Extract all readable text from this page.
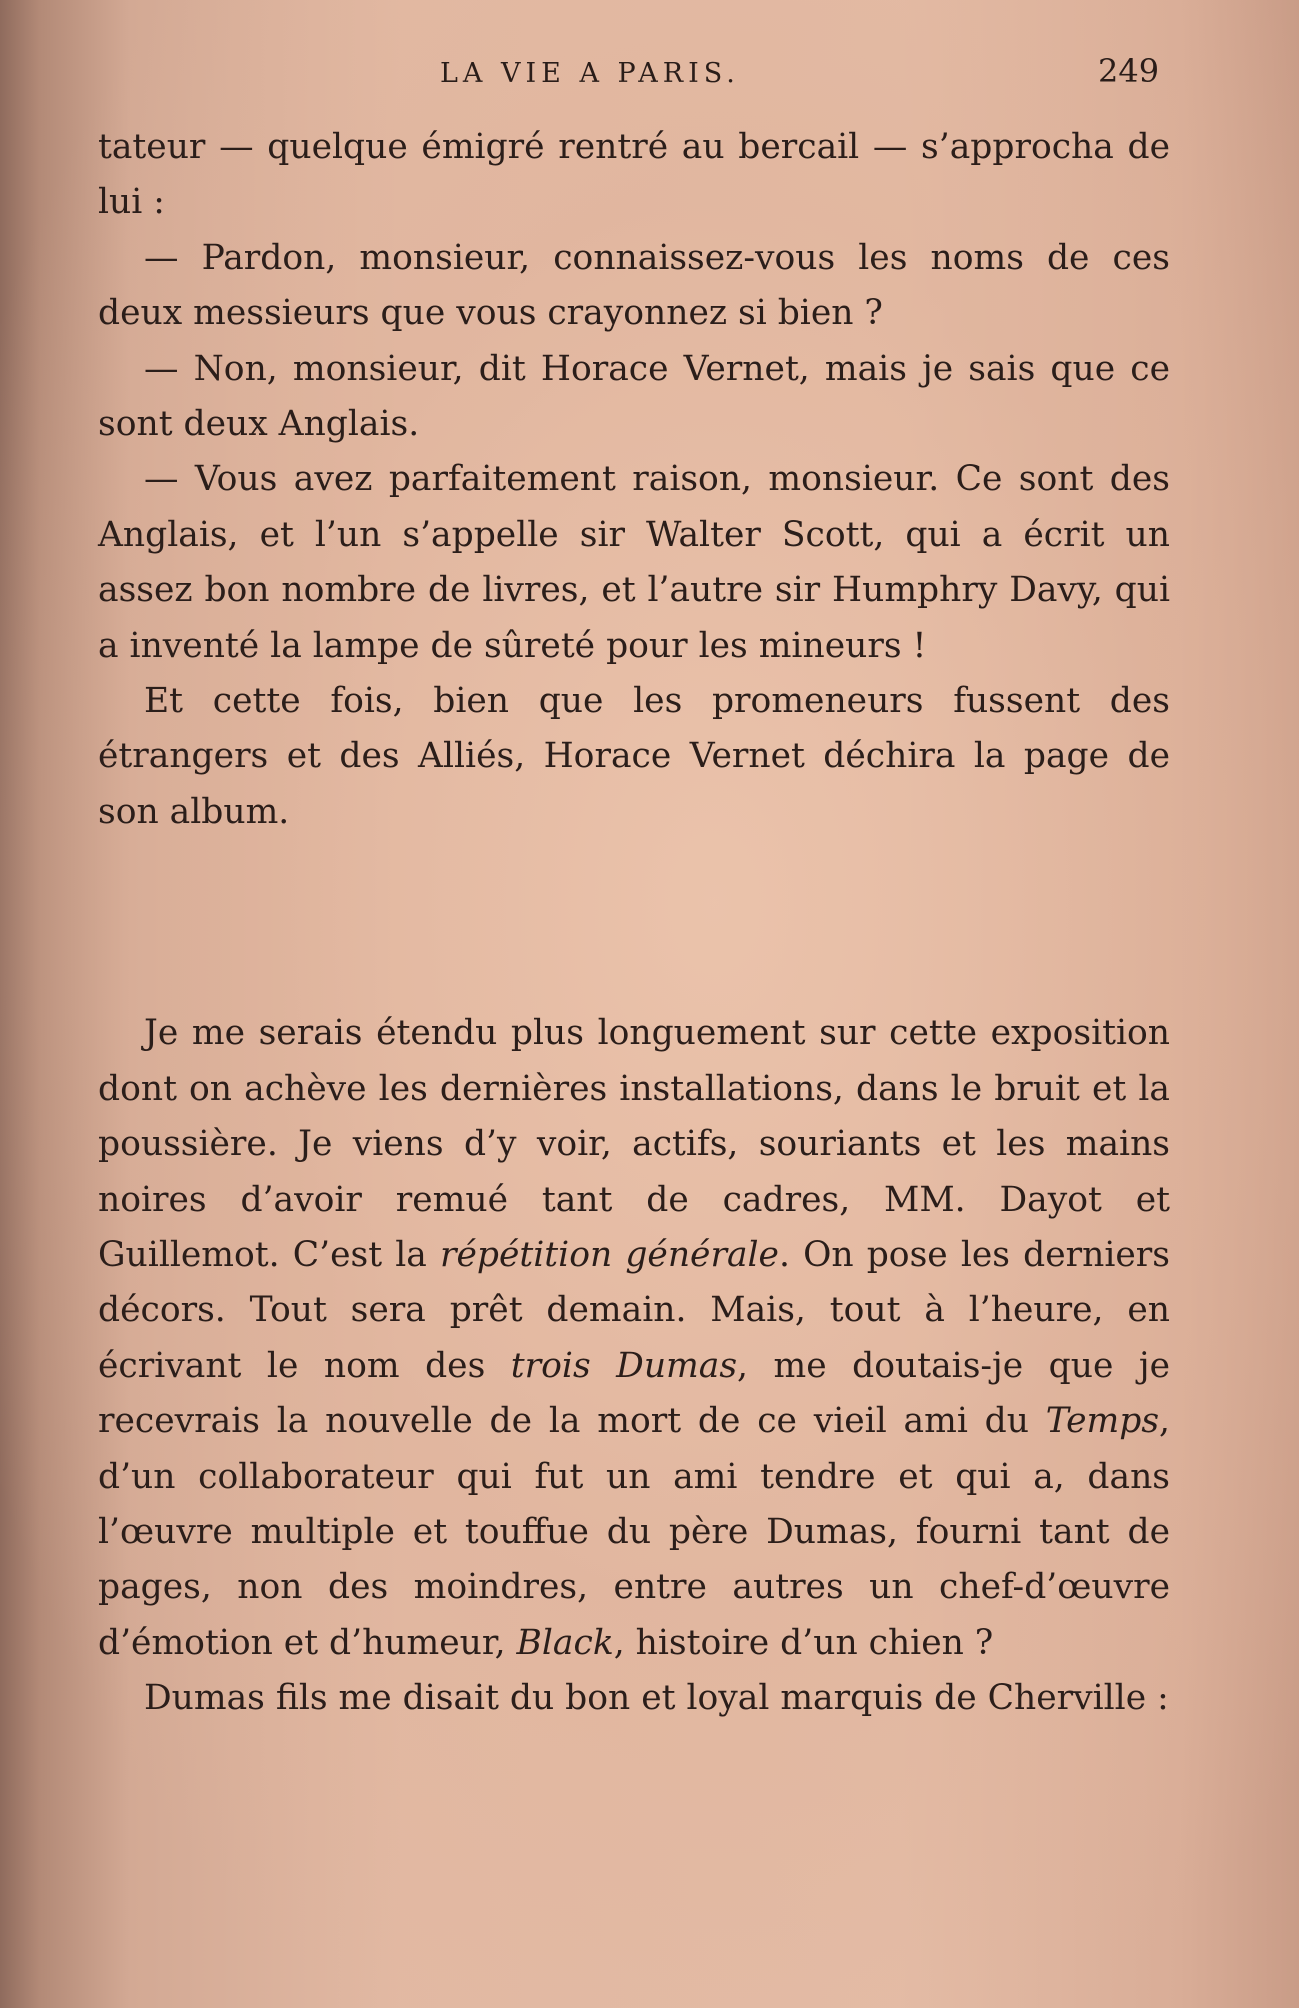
LA VIE A PARIS.	249

tateur — quelque émigré rentré au bercail — s’approcha de lui :

— Pardon, monsieur, connaissez-vous les noms de ces deux messieurs que vous crayonnez si bien ?

— Non, monsieur, dit Horace Vernet, mais je sais que ce sont deux Anglais.

— Vous avez parfaitement raison, monsieur. Ce sont des Anglais, et l’un s’appelle sir Walter Scott, qui a écrit un assez bon nombre de livres, et l’autre sir Humphry Davy, qui a inventé la lampe de sûreté pour les mineurs !

Et cette fois, bien que les promeneurs fussent des étrangers et des Alliés, Horace Vernet déchira la page de son album.

Je me serais étendu plus longuement sur cette exposition dont on achève les dernières installations, dans le bruit et la poussière. Je viens d’y voir, actifs, souriants et les mains noires d’avoir remué tant de cadres, MM. Dayot et Guillemot. C’est la répétition générale. On pose les derniers décors. Tout sera prêt demain. Mais, tout à l’heure, en écrivant le nom des trois Dumas, me doutais-je que je recevrais la nouvelle de la mort de ce vieil ami du Temps, d’un collaborateur qui fut un ami tendre et qui a, dans l’œuvre multiple et touffue du père Dumas, fourni tant de pages, non des moindres, entre autres un chef-d’œuvre d’émotion et d’humeur, Black, histoire d’un chien ?

Dumas fils me disait du bon et loyal marquis de Cherville :
